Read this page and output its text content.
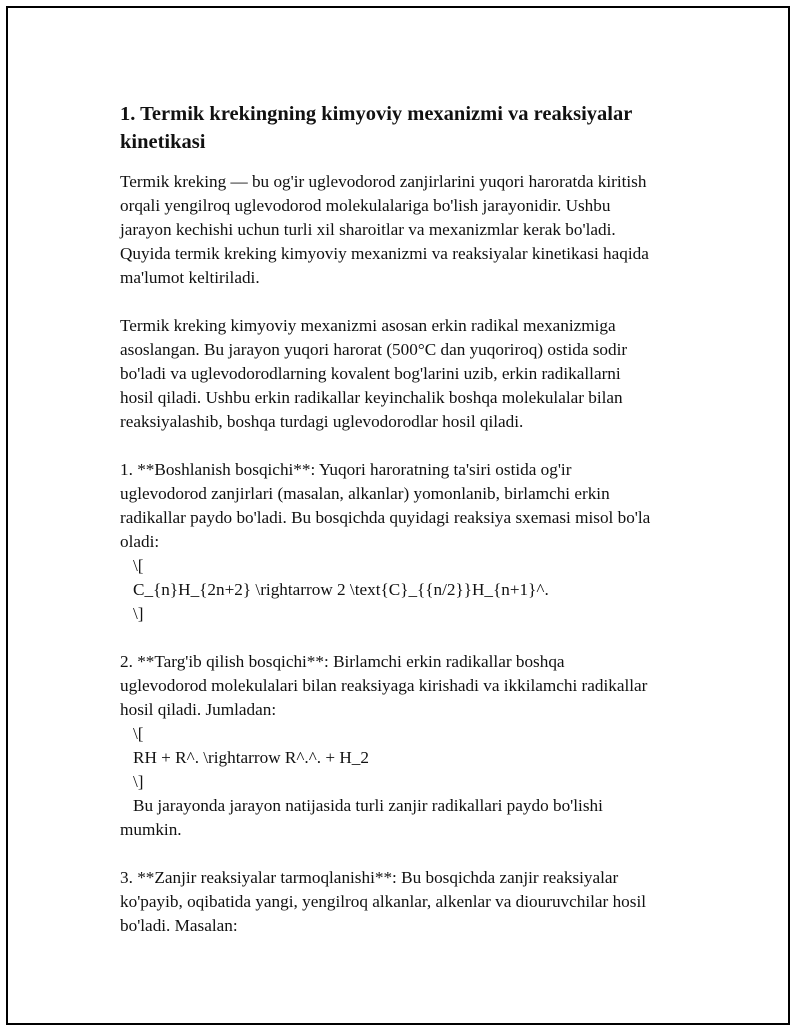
1. Termik krekingning kimyoviy mexanizmi va reaksiyalar
kinetikasi
Termik kreking — bu og'ir uglevodorod zanjirlarini yuqori haroratda kiritish
orqali yengilroq uglevodorod molekulalariga bo'lish jarayonidir. Ushbu
jarayon kechishi uchun turli xil sharoitlar va mexanizmlar kerak bo'ladi.
Quyida termik kreking kimyoviy mexanizmi va reaksiyalar kinetikasi haqida
ma'lumot keltiriladi.
Termik kreking kimyoviy mexanizmi asosan erkin radikal mexanizmiga
asoslangan. Bu jarayon yuqori harorat (500°C dan yuqoriroq) ostida sodir
bo'ladi va uglevodorodlarning kovalent bog'larini uzib, erkin radikallarni
hosil qiladi. Ushbu erkin radikallar keyinchalik boshqa molekulalar bilan
reaksiyalashib, boshqa turdagi uglevodorodlar hosil qiladi.
1. **Boshlanish bosqichi**: Yuqori haroratning ta'siri ostida og'ir
uglevodorod zanjirlari (masalan, alkanlar) yomonlanib, birlamchi erkin
radikallar paydo bo'ladi. Bu bosqichda quyidagi reaksiya sxemasi misol bo'la
oladi:
\[
C_{n}H_{2n+2} \rightarrow 2 \text{C}_{{n/2}}H_{n+1}^.
\]
2. **Targ'ib qilish bosqichi**: Birlamchi erkin radikallar boshqa
uglevodorod molekulalari bilan reaksiyaga kirishadi va ikkilamchi radikallar
hosil qiladi. Jumladan:
\[
RH + R^. \rightarrow R^.^. + H_2
\]
Bu jarayonda jarayon natijasida turli zanjir radikallari paydo bo'lishi
mumkin.
3. **Zanjir reaksiyalar tarmoqlanishi**: Bu bosqichda zanjir reaksiyalar
ko'payib, oqibatida yangi, yengilroq alkanlar, alkenlar va diouruvchilar hosil
bo'ladi. Masalan:
